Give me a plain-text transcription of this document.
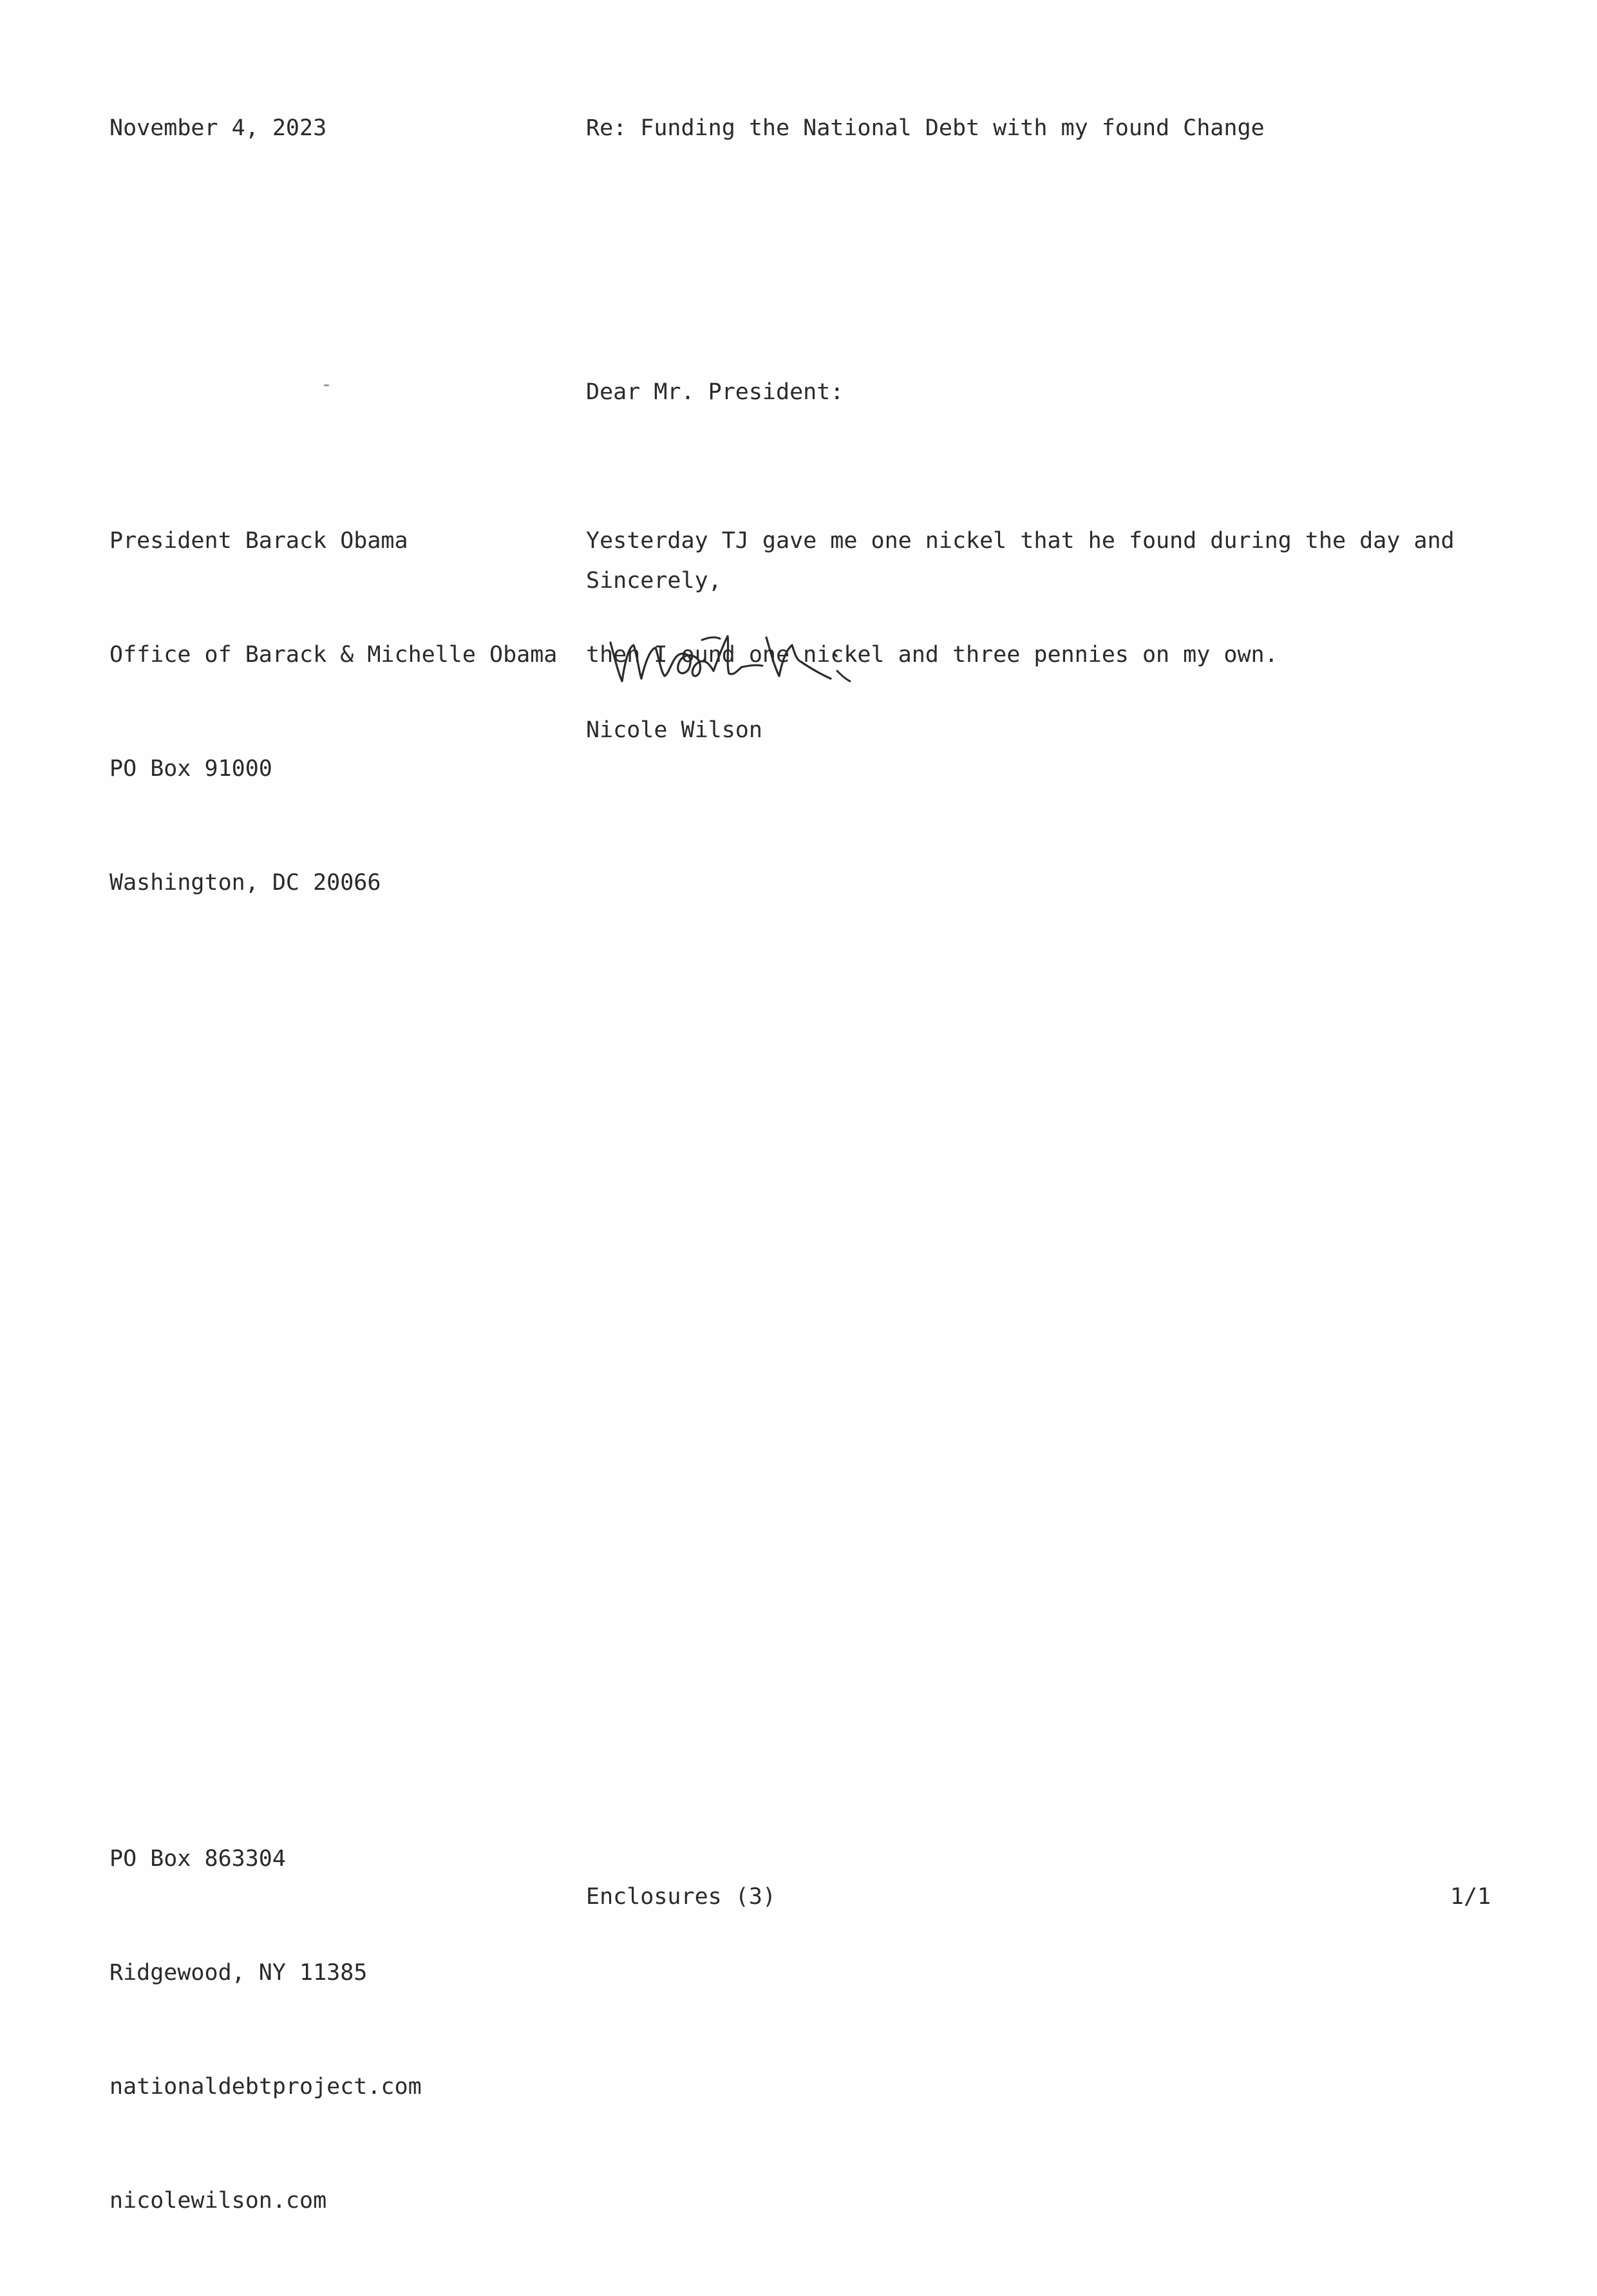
November 4, 2023	Re: Funding the National Debt with my found Change
Dear Mr. President:

President Barack Obama

Office of Barack & Michelle Obama

PO Box 91000

Washington, DC 20066

Yesterday TJ gave me one nickel that he found during the day and

then I ound one nickel and three pennies on my own.

Sincerely,
Nicole Wilson

PO Box 863304

Ridgewood, NY 11385

nationaldebtproject.com

nicolewilson.com

Enclosures (3)	1/1
